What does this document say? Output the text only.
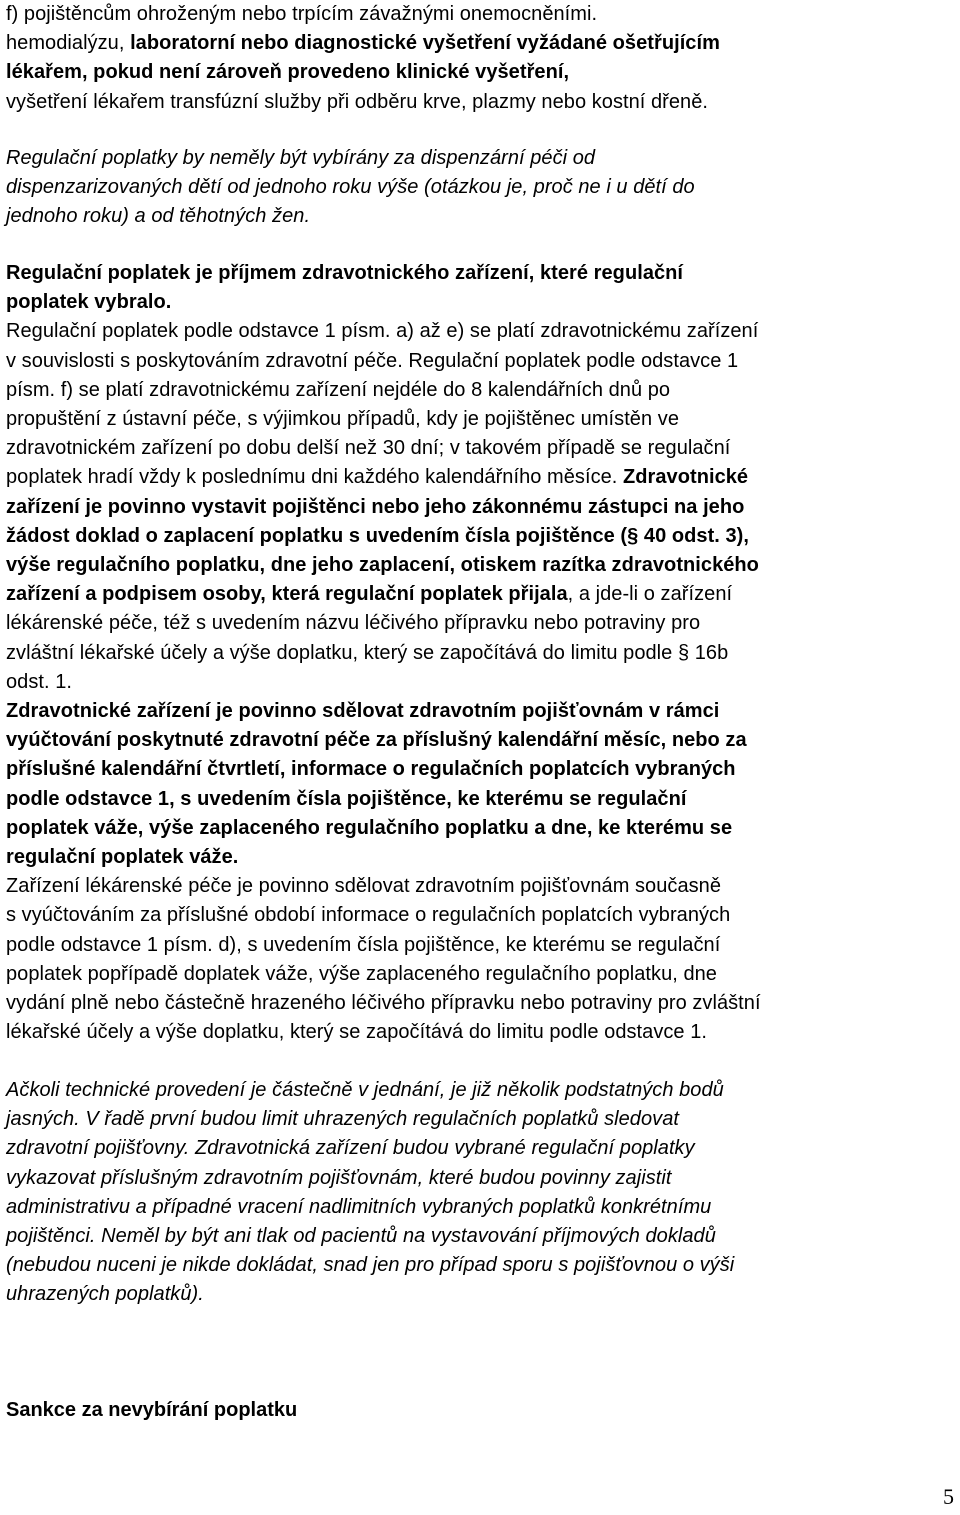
f) pojištěncům ohroženým nebo trpícím závažnými onemocněními.
hemodialýzu, laboratorní nebo diagnostické vyšetření vyžádané ošetřujícím
lékařem, pokud není zároveň provedeno klinické vyšetření,
vyšetření lékařem transfúzní služby při odběru krve, plazmy nebo kostní dřeně.
Regulační poplatky by neměly být vybírány za dispenzární péči od
dispenzarizovaných dětí od jednoho roku výše (otázkou je, proč ne i u dětí do
jednoho roku) a od těhotných žen.
Regulační poplatek je příjmem zdravotnického zařízení, které regulační
poplatek vybralo.
Regulační poplatek podle odstavce 1 písm. a) až e) se platí zdravotnickému zařízení
v souvislosti s poskytováním zdravotní péče. Regulační poplatek podle odstavce 1
písm. f) se platí zdravotnickému zařízení nejdéle do 8 kalendářních dnů po
propuštění z ústavní péče, s výjimkou případů, kdy je pojištěnec umístěn ve
zdravotnickém zařízení po dobu delší než 30 dní; v takovém případě se regulační
poplatek hradí vždy k poslednímu dni každého kalendářního měsíce. Zdravotnické
zařízení je povinno vystavit pojištěnci nebo jeho zákonnému zástupci na jeho
žádost doklad o zaplacení poplatku s uvedením čísla pojištěnce (§ 40 odst. 3),
výše regulačního poplatku, dne jeho zaplacení, otiskem razítka zdravotnického
zařízení a podpisem osoby, která regulační poplatek přijala, a jde-li o zařízení
lékárenské péče, též s uvedením názvu léčivého přípravku nebo potraviny pro
zvláštní lékařské účely a výše doplatku, který se započítává do limitu podle § 16b
odst. 1.
Zdravotnické zařízení je povinno sdělovat zdravotním pojišťovnám v rámci
vyúčtování poskytnuté zdravotní péče za příslušný kalendářní měsíc, nebo za
příslušné kalendářní čtvrtletí, informace o regulačních poplatcích vybraných
podle odstavce 1, s uvedením čísla pojištěnce, ke kterému se regulační
poplatek váže, výše zaplaceného regulačního poplatku a dne, ke kterému se
regulační poplatek váže.
Zařízení lékárenské péče je povinno sdělovat zdravotním pojišťovnám současně
s vyúčtováním za příslušné období informace o regulačních poplatcích vybraných
podle odstavce 1 písm. d), s uvedením čísla pojištěnce, ke kterému se regulační
poplatek popřípadě doplatek váže, výše zaplaceného regulačního poplatku, dne
vydání plně nebo částečně hrazeného léčivého přípravku nebo potraviny pro zvláštní
lékařské účely a výše doplatku, který se započítává do limitu podle odstavce 1.
Ačkoli technické provedení je částečně v jednání, je již několik podstatných bodů
jasných. V řadě první budou limit uhrazených regulačních poplatků sledovat
zdravotní pojišťovny. Zdravotnická zařízení budou vybrané regulační poplatky
vykazovat příslušným zdravotním pojišťovnám, které budou povinny zajistit
administrativu a případné vracení nadlimitních vybraných poplatků konkrétnímu
pojištěnci. Neměl by být ani tlak od pacientů na vystavování příjmových dokladů
(nebudou nuceni je nikde dokládat, snad jen pro případ sporu s pojišťovnou o výši
uhrazených poplatků).
Sankce za nevybírání poplatku
5
